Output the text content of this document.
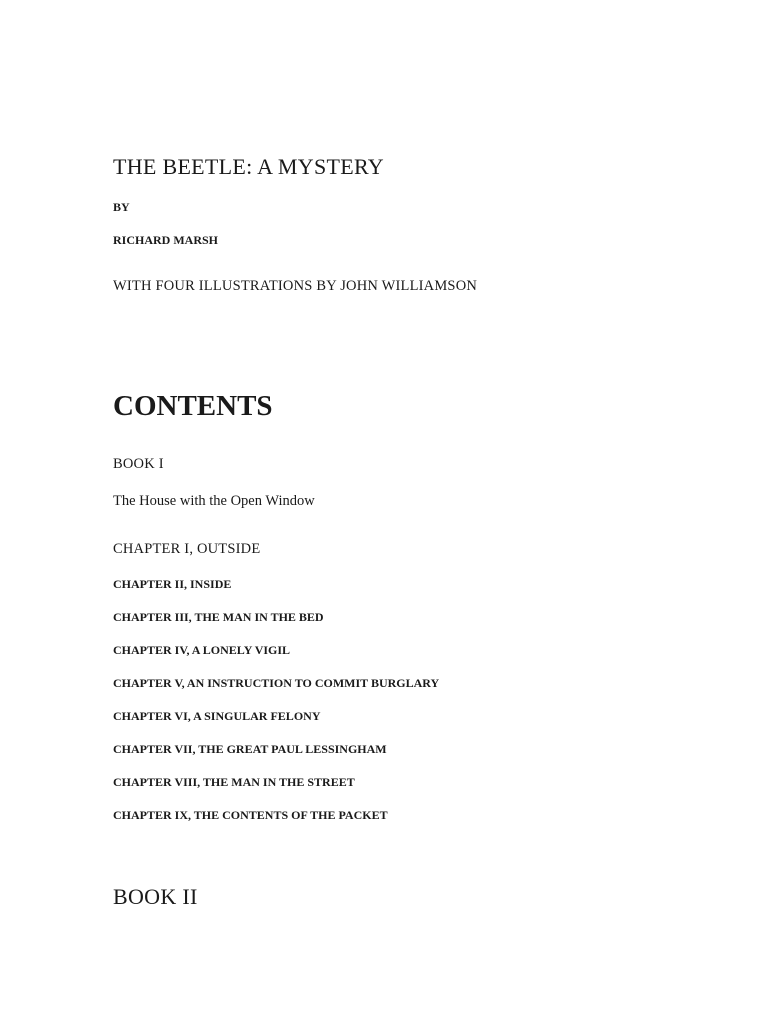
THE BEETLE: A MYSTERY

BY

RICHARD MARSH

WITH FOUR ILLUSTRATIONS BY JOHN WILLIAMSON

CONTENTS
BOOK I

The House with the Open Window

CHAPTER I, OUTSIDE

CHAPTER II, INSIDE

CHAPTER III, THE MAN IN THE BED

CHAPTER IV, A LONELY VIGIL

CHAPTER V, AN INSTRUCTION TO COMMIT BURGLARY

CHAPTER VI, A SINGULAR FELONY

CHAPTER VII, THE GREAT PAUL LESSINGHAM

CHAPTER VIII, THE MAN IN THE STREET

CHAPTER IX, THE CONTENTS OF THE PACKET

BOOK II
